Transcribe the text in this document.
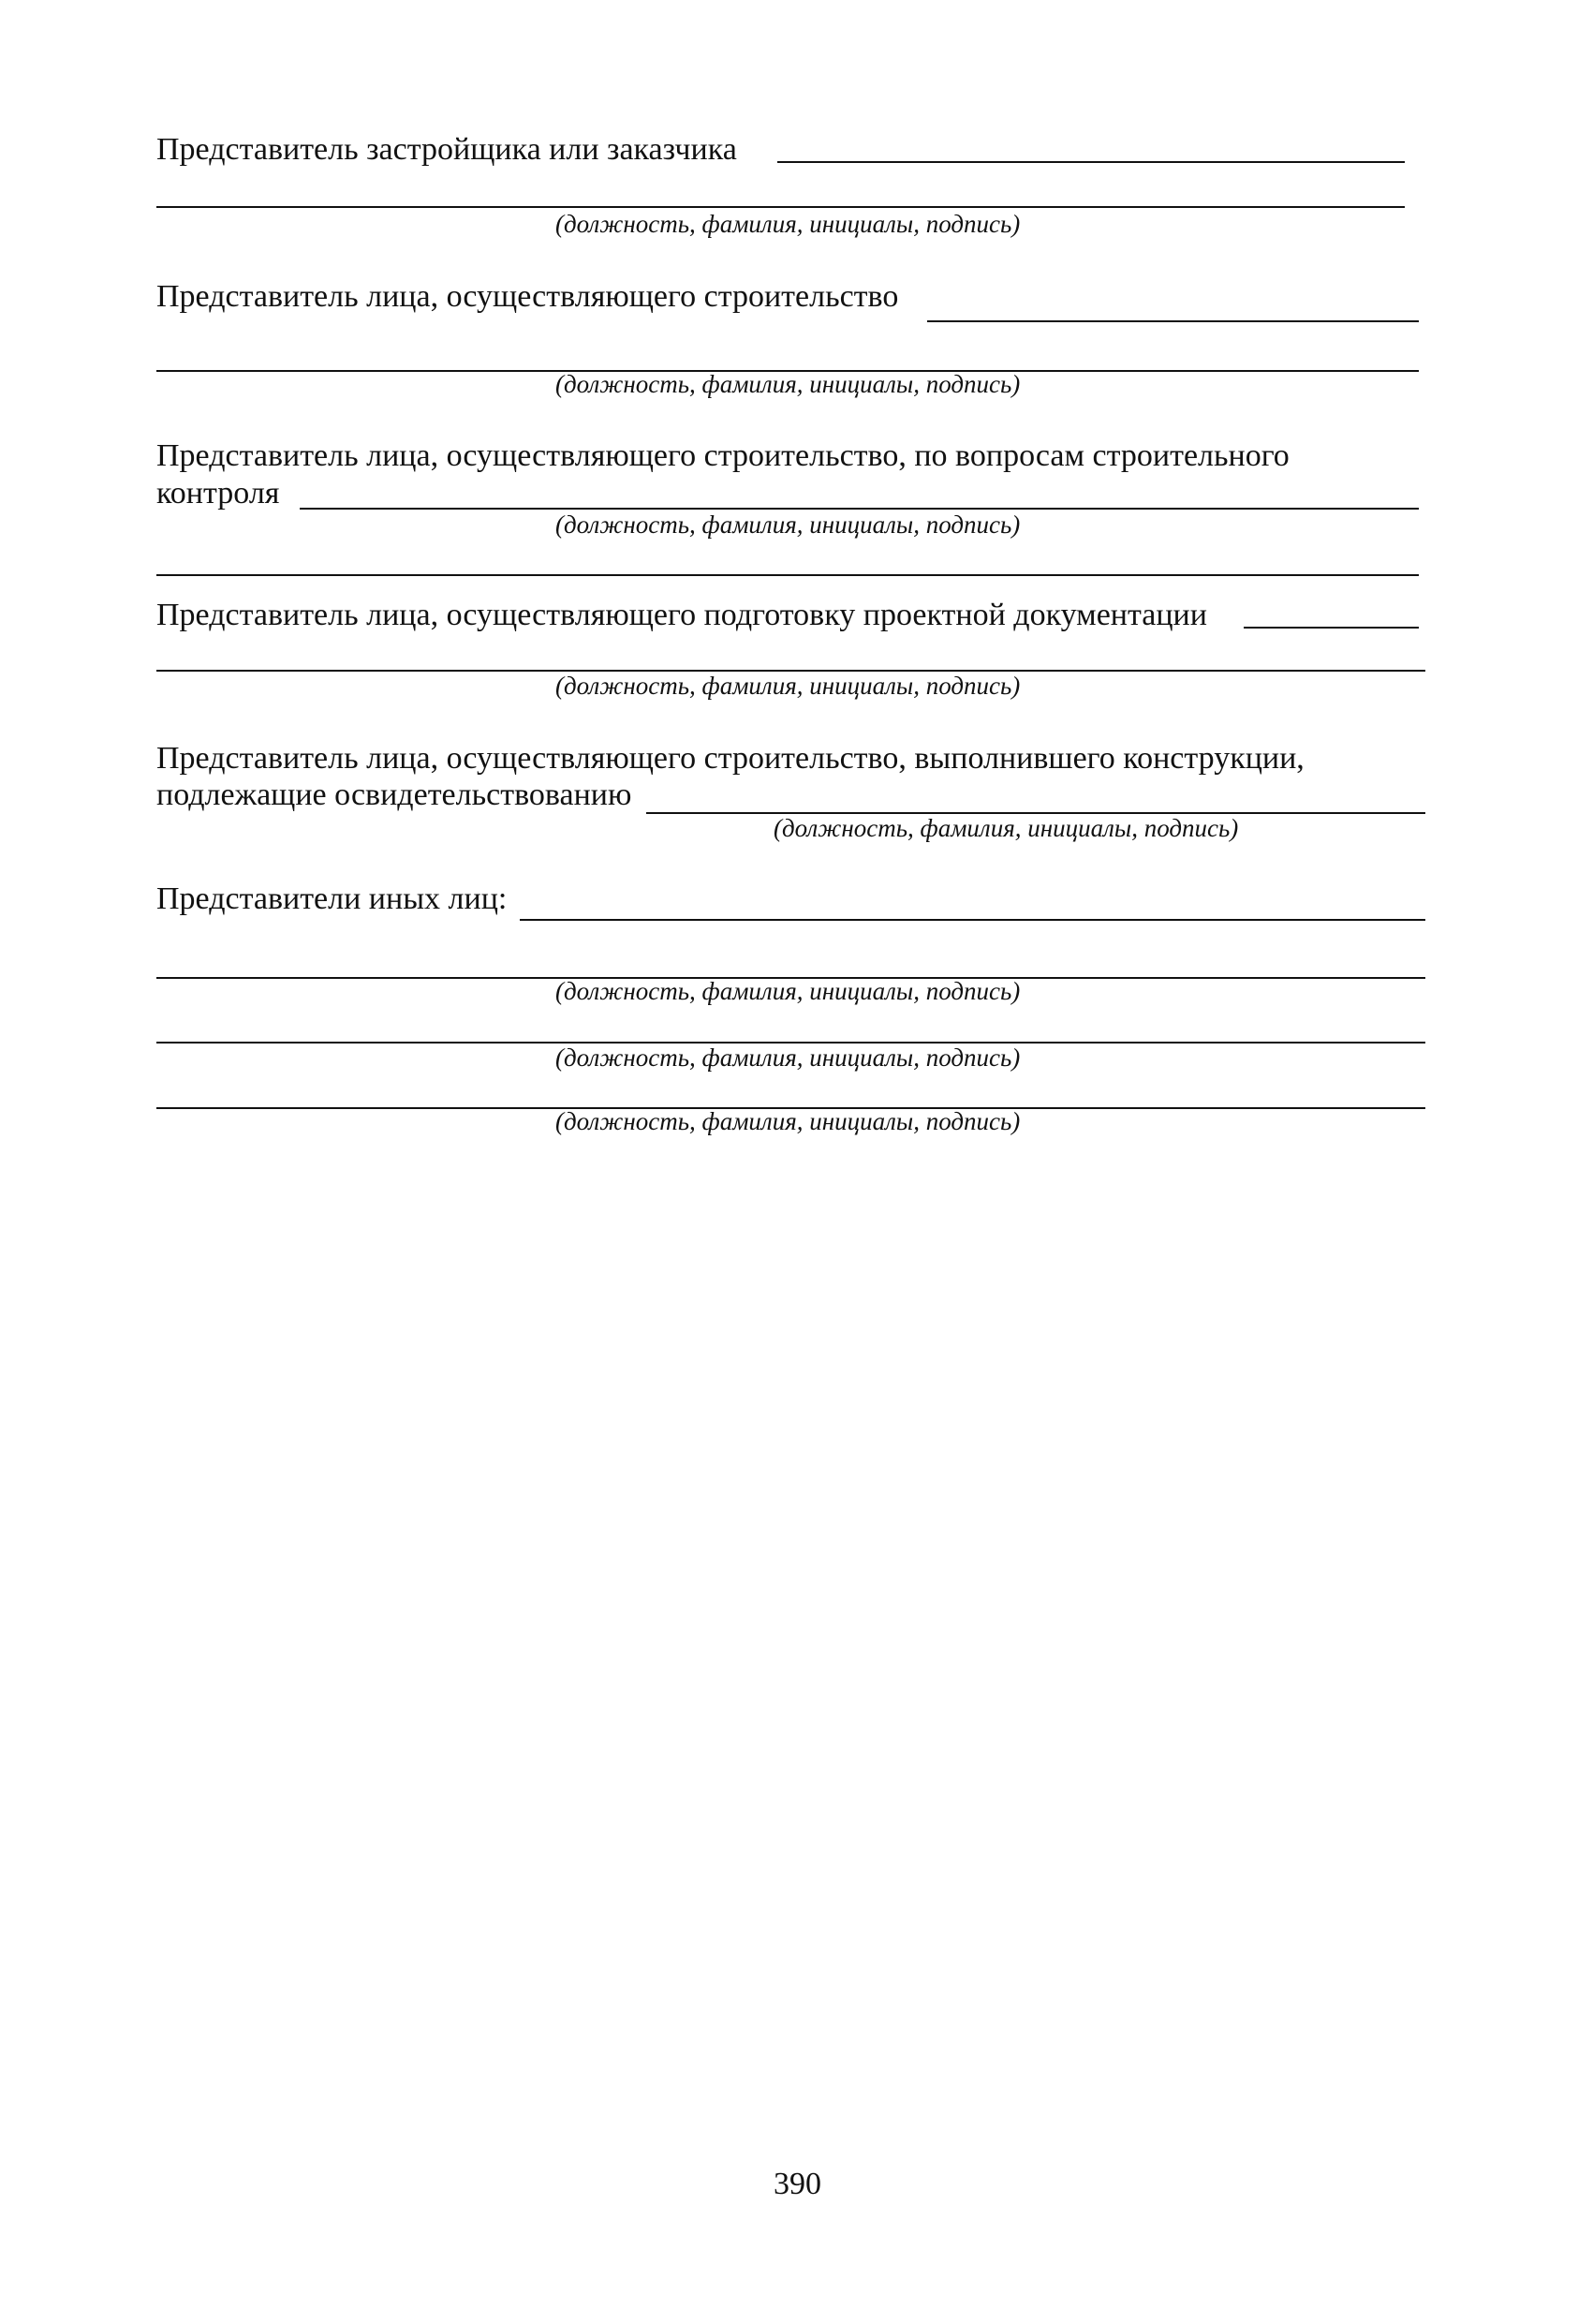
Представитель застройщика или заказчика
(должность, фамилия, инициалы, подпись)
Представитель лица, осуществляющего строительство
(должность, фамилия, инициалы, подпись)
Представитель лица, осуществляющего строительство, по вопросам строительного
контроля
(должность, фамилия, инициалы, подпись)
Представитель лица, осуществляющего подготовку проектной документации
(должность, фамилия, инициалы, подпись)
Представитель лица, осуществляющего строительство, выполнившего конструкции,
подлежащие освидетельствованию
(должность, фамилия, инициалы, подпись)
Представители иных лиц:
(должность, фамилия, инициалы, подпись)
(должность, фамилия, инициалы, подпись)
(должность, фамилия, инициалы, подпись)
390
